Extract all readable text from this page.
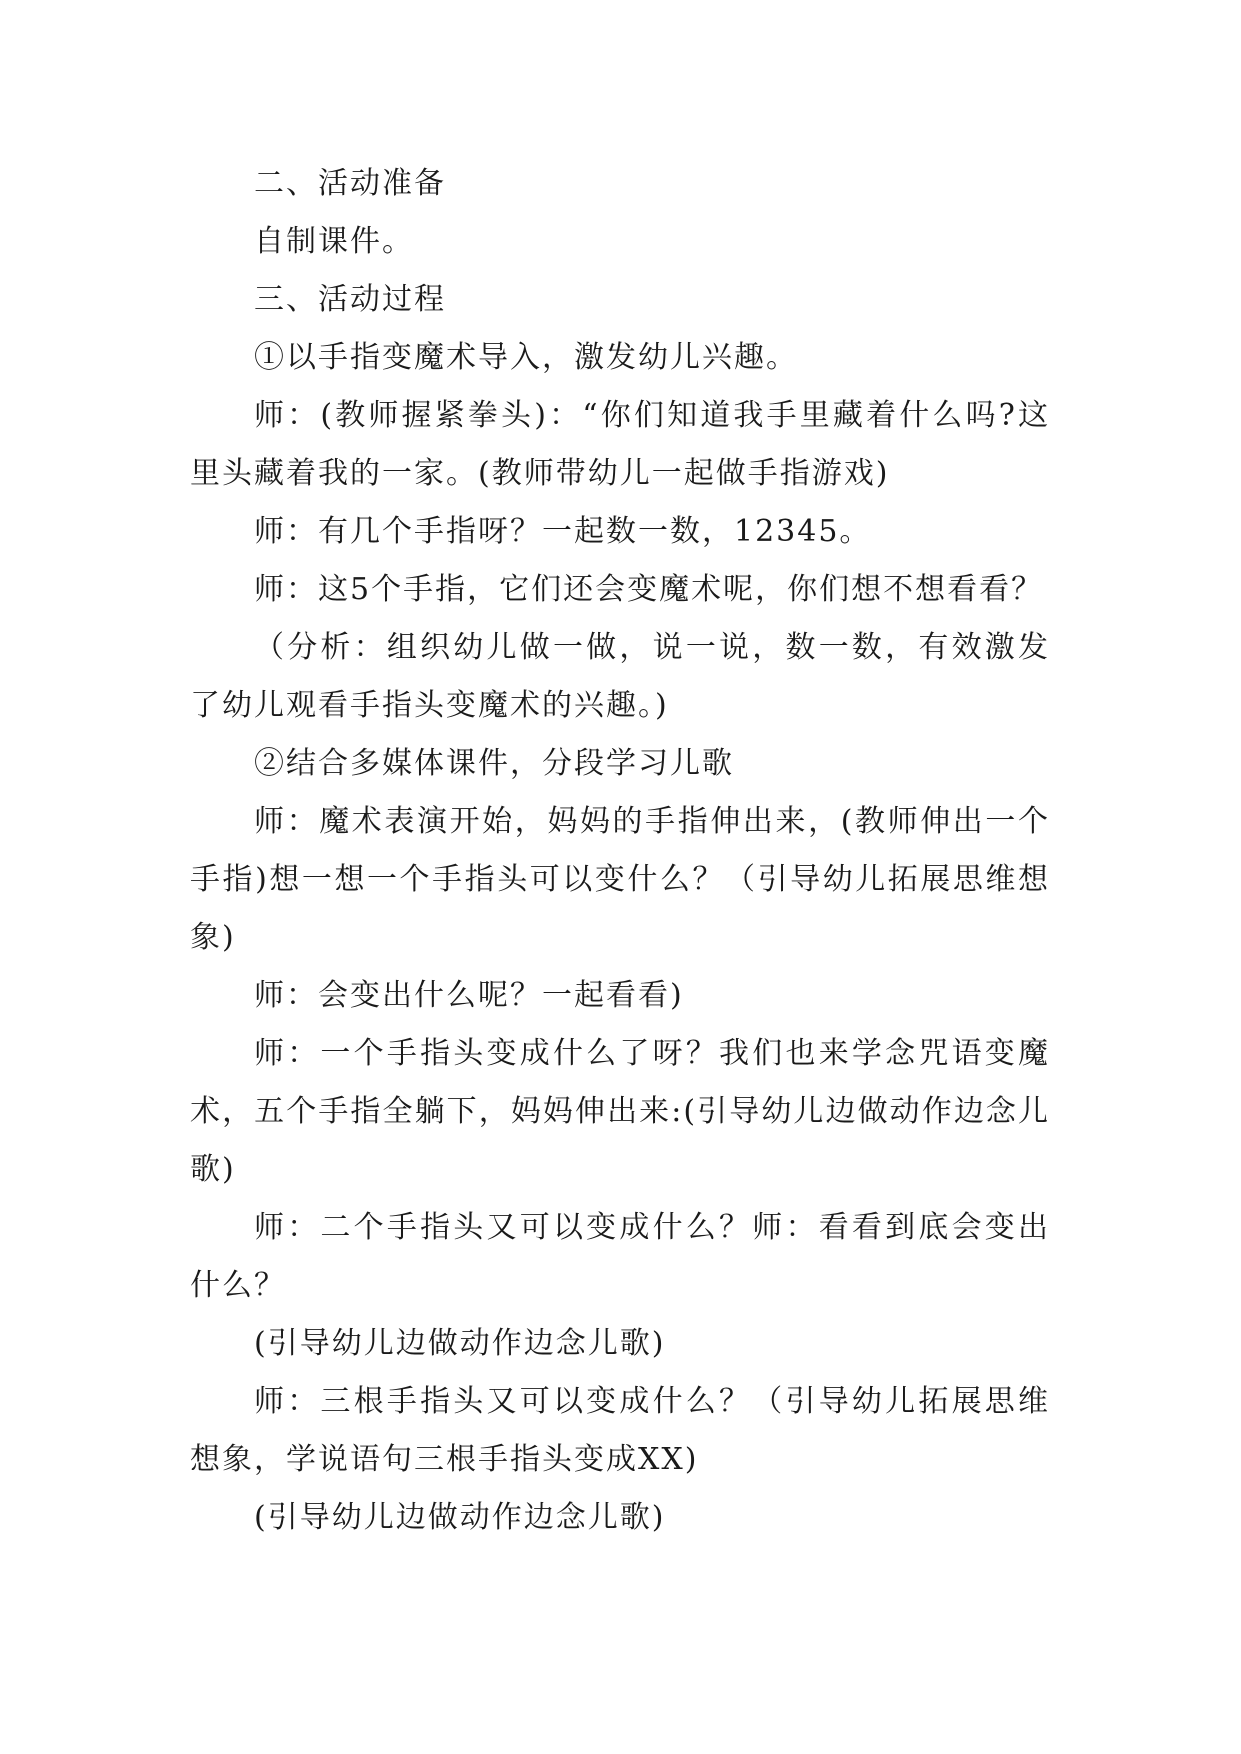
二、活动准备

自制课件。

三、活动过程

①以手指变魔术导入，激发幼儿兴趣。

师：(教师握紧拳头)：“你们知道我手里藏着什么吗?这里头藏着我的一家。(教师带幼儿一起做手指游戏)

师：有几个手指呀？一起数一数，12345。

师：这5个手指，它们还会变魔术呢，你们想不想看看？

（分析：组织幼儿做一做，说一说，数一数，有效激发了幼儿观看手指头变魔术的兴趣。)

②结合多媒体课件，分段学习儿歌

师：魔术表演开始，妈妈的手指伸出来，(教师伸出一个手指)想一想一个手指头可以变什么？（引导幼儿拓展思维想象)

师：会变出什么呢？一起看看)

师：一个手指头变成什么了呀？我们也来学念咒语变魔术，五个手指全躺下，妈妈伸出来:(引导幼儿边做动作边念儿歌)

师：二个手指头又可以变成什么？师：看看到底会变出什么？

(引导幼儿边做动作边念儿歌)

师：三根手指头又可以变成什么？（引导幼儿拓展思维想象，学说语句三根手指头变成XX)

(引导幼儿边做动作边念儿歌)
